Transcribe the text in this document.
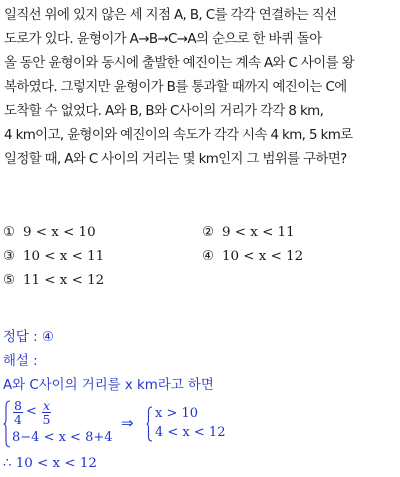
일직선 위에 있지 않은 세 지점 A, B, C를 각각 연결하는 직선
도로가 있다. 윤형이가 A→B→C→A의 순으로 한 바퀴 돌아
올 동안 윤형이와 동시에 출발한 예진이는 계속 A와 C 사이를 왕
복하였다. 그렇지만 윤형이가 B를 통과할 때까지 예진이는 C에
도착할 수 없었다. A와 B, B와 C사이의 거리가 각각 8 km,
4 km이고, 윤형이와 예진이의 속도가 각각 시속 4 km, 5 km로
일정할 때, A와 C 사이의 거리는 몇 km인지 그 범위를 구하면?
① 9 < x < 10	② 9 < x < 11
③ 10 < x < 11	④ 10 < x < 12
⑤ 11 < x < 12
정답 : ④
해설 :
A와 C사이의 거리를 x km라고 하면
$\frac{8}{4} < \frac{x}{5}$
8−4 < x < 8+4
⇒
x > 10
4 < x < 12
∴ 10 < x < 12
